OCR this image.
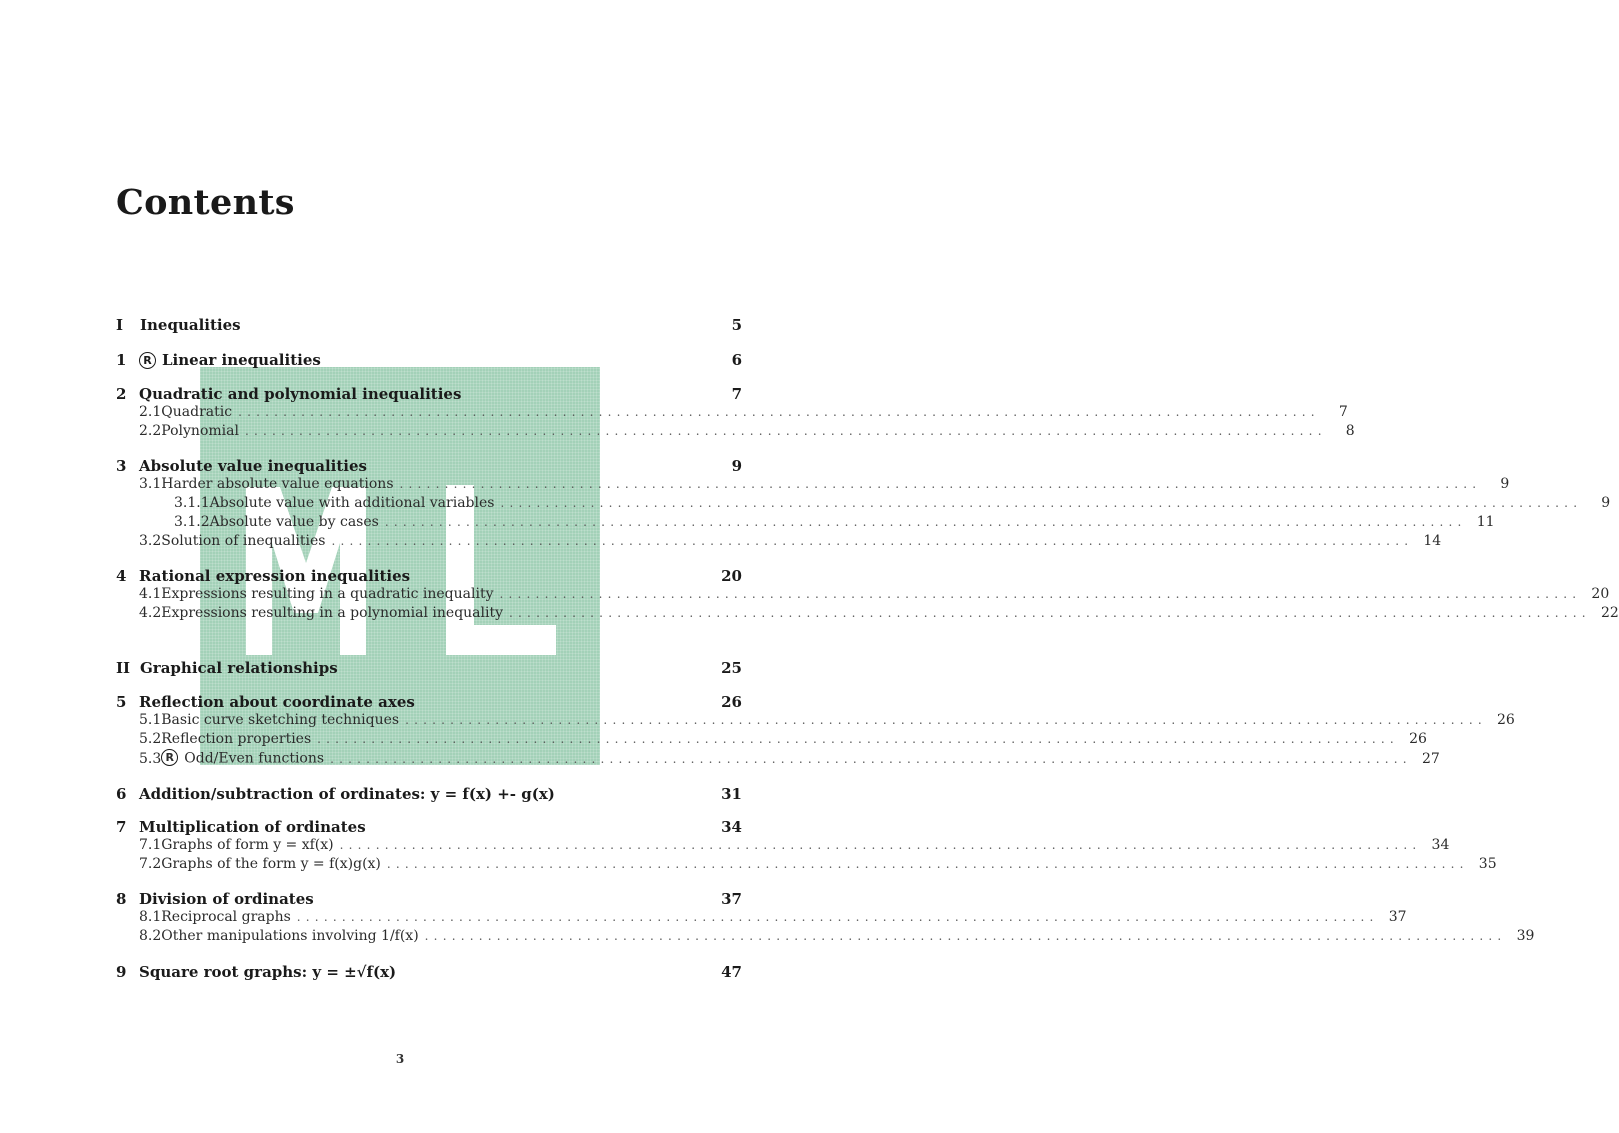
Contents
I	Inequalities	5
1	R Linear inequalities	6
2 Quadratic and polynomial inequalities	7
2.1 Quadratic ........................................................................................................................	7
2.2 Polynomial ........................................................................................................................	8
3 Absolute value inequalities	9
3.1 Harder absolute value equations ........................................................................................................................	9
3.1.1 Absolute value with additional variables ........................................................................................................................	9
3.1.2 Absolute value by cases ........................................................................................................................ 11
3.2 Solution of inequalities ........................................................................................................................ 14
4 Rational expression inequalities	20
4.1 Expressions resulting in a quadratic inequality ........................................................................................................................ 20
4.2 Expressions resulting in a polynomial inequality ........................................................................................................................ 22
II Graphical relationships	25
5 Reflection about coordinate axes	26
5.1 Basic curve sketching techniques ........................................................................................................................ 26
5.2 Reflection properties ........................................................................................................................ 26
5.3 R Odd/Even functions ........................................................................................................................ 27
6 Addition/subtraction of ordinates: y = f(x) +- g(x)	31
7 Multiplication of ordinates	34
7.1 Graphs of form y = xf(x) ........................................................................................................................ 34
7.2 Graphs of the form y = f(x)g(x) ........................................................................................................................ 35
8 Division of ordinates	37
8.1 Reciprocal graphs ........................................................................................................................ 37
8.2 Other manipulations involving 1/f(x) ........................................................................................................................ 39
9 Square root graphs: y = ±√f(x)	47
3
